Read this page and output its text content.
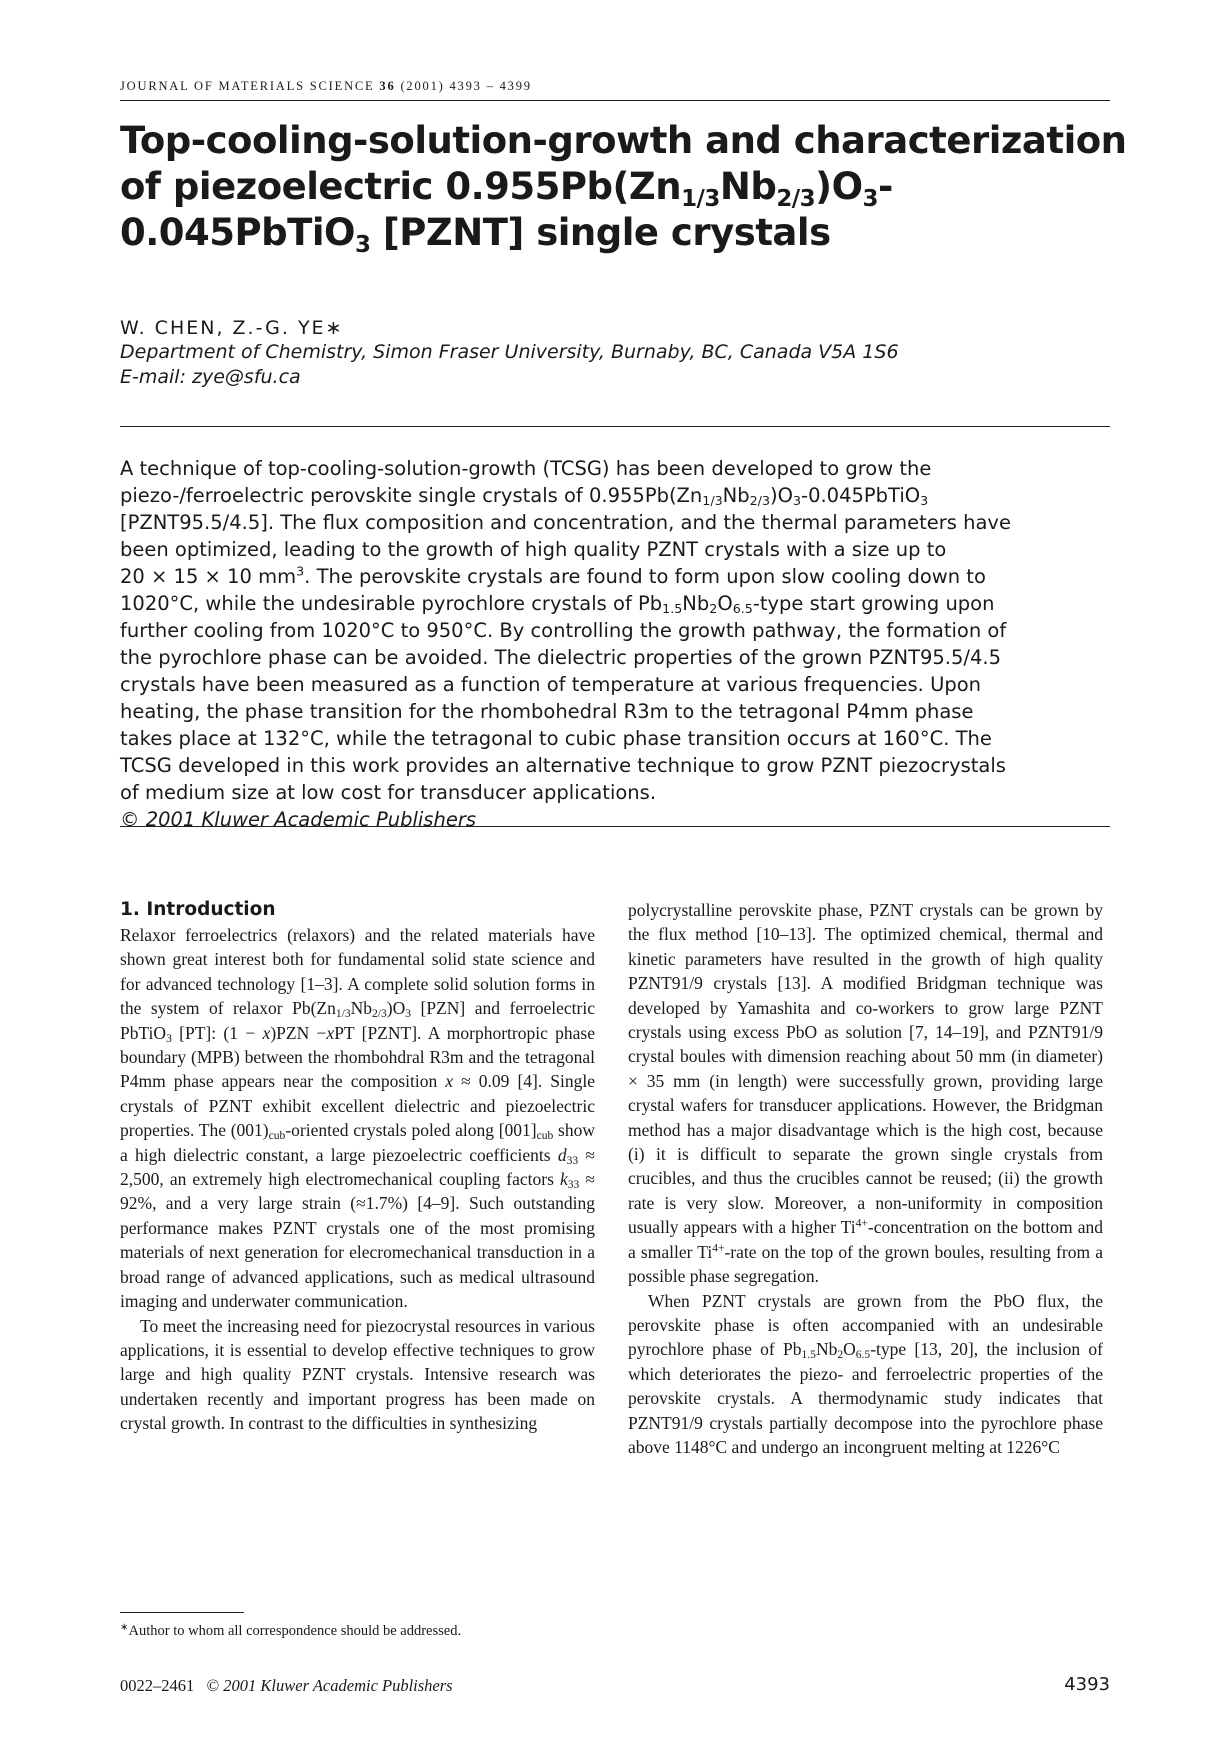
JOURNAL OF MATERIALS SCIENCE 36 (2001) 4393 – 4399
Top-cooling-solution-growth and characterization
of piezoelectric $0.955Pb(Zn_{1/3}Nb_{2/3})O_3-$
0.045PbTiO$_3$ [PZNT] single crystals
W. CHEN, Z.-G. YE∗
Department of Chemistry, Simon Fraser University, Burnaby, BC, Canada V5A 1S6
E-mail: zye@sfu.ca
A technique of top-cooling-solution-growth (TCSG) has been developed to grow the
piezo-/ferroelectric perovskite single crystals of $0.955Pb(Zn_{1/3}Nb_{2/3})O_3-0.045PbTiO_3$
[PZNT95.5/4.5]. The flux composition and concentration, and the thermal parameters have
been optimized, leading to the growth of high quality PZNT crystals with a size up to
20 × 15 × 10 $mm^3$. The perovskite crystals are found to form upon slow cooling down to
1020°C, while the undesirable pyrochlore crystals of $Pb_{1.5}Nb_2O_{6.5}$-type start growing upon
further cooling from 1020°C to 950°C. By controlling the growth pathway, the formation of
the pyrochlore phase can be avoided. The dielectric properties of the grown PZNT95.5/4.5
crystals have been measured as a function of temperature at various frequencies. Upon
heating, the phase transition for the rhombohedral R3m to the tetragonal P4mm phase
takes place at 132°C, while the tetragonal to cubic phase transition occurs at 160°C. The
TCSG developed in this work provides an alternative technique to grow PZNT piezocrystals
of medium size at low cost for transducer applications.
© 2001 Kluwer Academic Publishers
1. Introduction

Relaxor ferroelectrics (relaxors) and the related materials have shown great interest both for fundamental solid state science and for advanced technology [1–3]. A complete solid solution forms in the system of relaxor $Pb(Zn_{1/3}Nb_{2/3})O_3$ [PZN] and ferroelectric PbTiO$_3$ [PT]: (1 − x)PZN −xPT [PZNT]. A morphortropic phase boundary (MPB) between the rhombohdral R3m and the tetragonal P4mm phase appears near the composition x ≈ 0.09 [4]. Single crystals of PZNT exhibit excellent dielectric and piezoelectric properties. The $(001)_{cub}$-oriented crystals poled along $[001]_{cub}$ show a high dielectric constant, a large piezoelectric coefficients $d_{33} \approx 2,500$, an extremely high electromechanical coupling factors $k_{33} \approx 92\%$, and a very large strain (≈1.7%) [4–9]. Such outstanding performance makes PZNT crystals one of the most promising materials of next generation for elecromechanical transduction in a broad range of advanced applications, such as medical ultrasound imaging and underwater communication.

To meet the increasing need for piezocrystal resources in various applications, it is essential to develop effective techniques to grow large and high quality PZNT crystals. Intensive research was undertaken recently and important progress has been made on crystal growth. In contrast to the difficulties in synthesizing

polycrystalline perovskite phase, PZNT crystals can be grown by the flux method [10–13]. The optimized chemical, thermal and kinetic parameters have resulted in the growth of high quality PZNT91/9 crystals [13]. A modified Bridgman technique was developed by Yamashita and co-workers to grow large PZNT crystals using excess PbO as solution [7, 14–19], and PZNT91/9 crystal boules with dimension reaching about 50 mm (in diameter) × 35 mm (in length) were successfully grown, providing large crystal wafers for transducer applications. However, the Bridgman method has a major disadvantage which is the high cost, because (i) it is difficult to separate the grown single crystals from crucibles, and thus the crucibles cannot be reused; (ii) the growth rate is very slow. Moreover, a non-uniformity in composition usually appears with a higher $Ti^{4+}$-concentration on the bottom and a smaller $Ti^{4+}$-rate on the top of the grown boules, resulting from a possible phase segregation.

When PZNT crystals are grown from the PbO flux, the perovskite phase is often accompanied with an undesirable pyrochlore phase of $Pb_{1.5}Nb_2O_{6.5}$-type [13, 20], the inclusion of which deteriorates the piezo- and ferroelectric properties of the perovskite crystals. A thermodynamic study indicates that PZNT91/9 crystals partially decompose into the pyrochlore phase above 1148°C and undergo an incongruent melting at 1226°C

∗Author to whom all correspondence should be addressed.
0022–2461 © 2001 Kluwer Academic Publishers	4393
